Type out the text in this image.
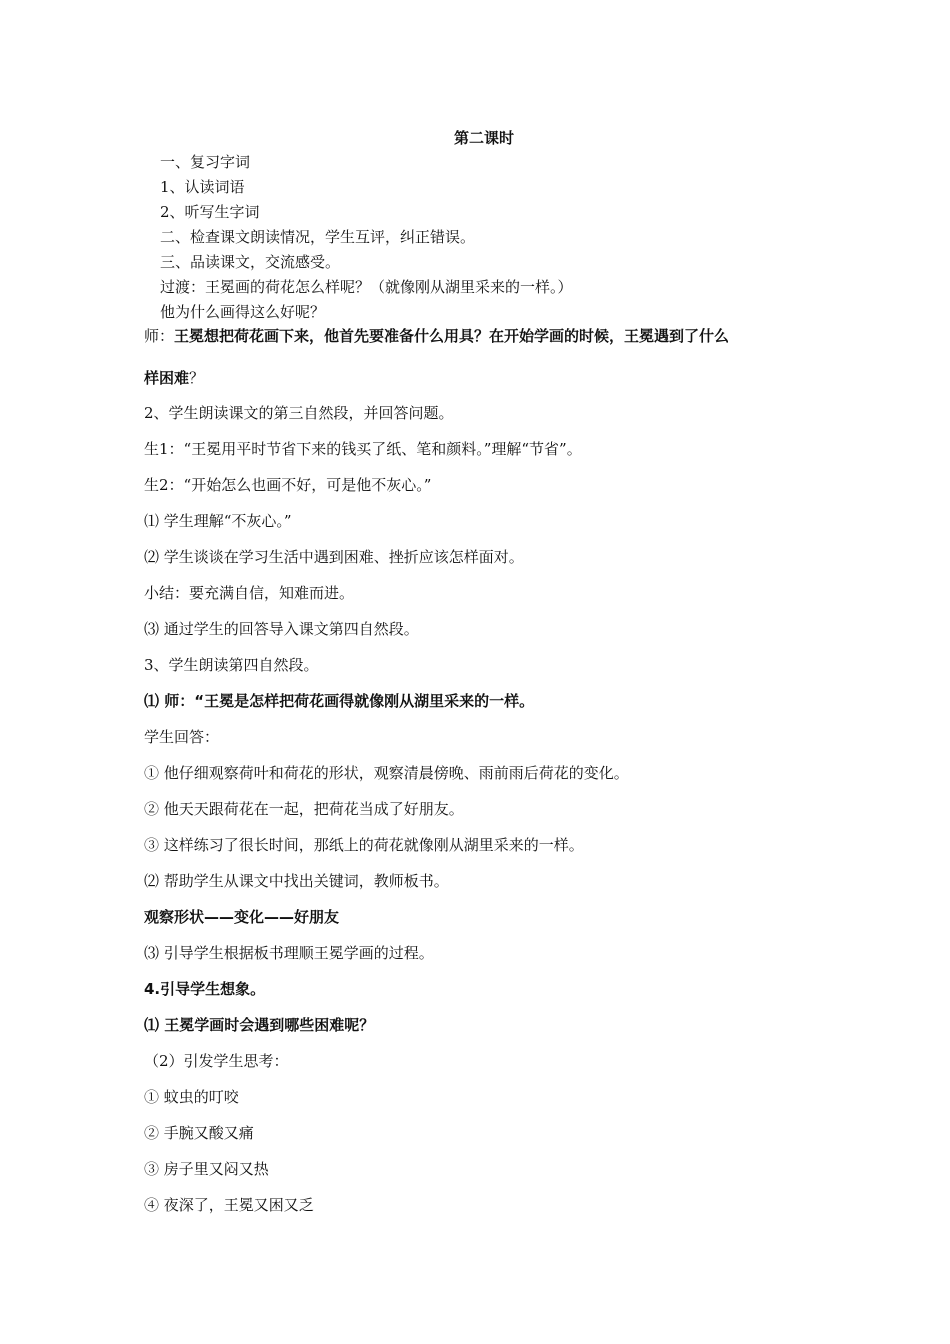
第二课时
一、复习字词
1、认读词语
2、听写生字词
二、检查课文朗读情况，学生互评，纠正错误。
三、品读课文，交流感受。
过渡：王冕画的荷花怎么样呢？（就像刚从湖里采来的一样。）
他为什么画得这么好呢？
师：王冕想把荷花画下来，他首先要准备什么用具？在开始学画的时候，王冕遇到了什么
样困难？
2、学生朗读课文的第三自然段，并回答问题。
生1：“王冕用平时节省下来的钱买了纸、笔和颜料。”理解“节省”。
生2：“开始怎么也画不好，可是他不灰心。”
⑴ 学生理解“不灰心。”
⑵ 学生谈谈在学习生活中遇到困难、挫折应该怎样面对。
小结：要充满自信，知难而进。
⑶ 通过学生的回答导入课文第四自然段。
3、学生朗读第四自然段。
⑴ 师：“王冕是怎样把荷花画得就像刚从湖里采来的一样。
学生回答：
① 他仔细观察荷叶和荷花的形状，观察清晨傍晚、雨前雨后荷花的变化。
② 他天天跟荷花在一起，把荷花当成了好朋友。
③ 这样练习了很长时间，那纸上的荷花就像刚从湖里采来的一样。
⑵ 帮助学生从课文中找出关键词，教师板书。
观察形状——变化——好朋友
⑶ 引导学生根据板书理顺王冕学画的过程。
4.引导学生想象。
⑴ 王冕学画时会遇到哪些困难呢？
（2）引发学生思考：
① 蚊虫的叮咬
② 手腕又酸又痛
③ 房子里又闷又热
④ 夜深了，王冕又困又乏
